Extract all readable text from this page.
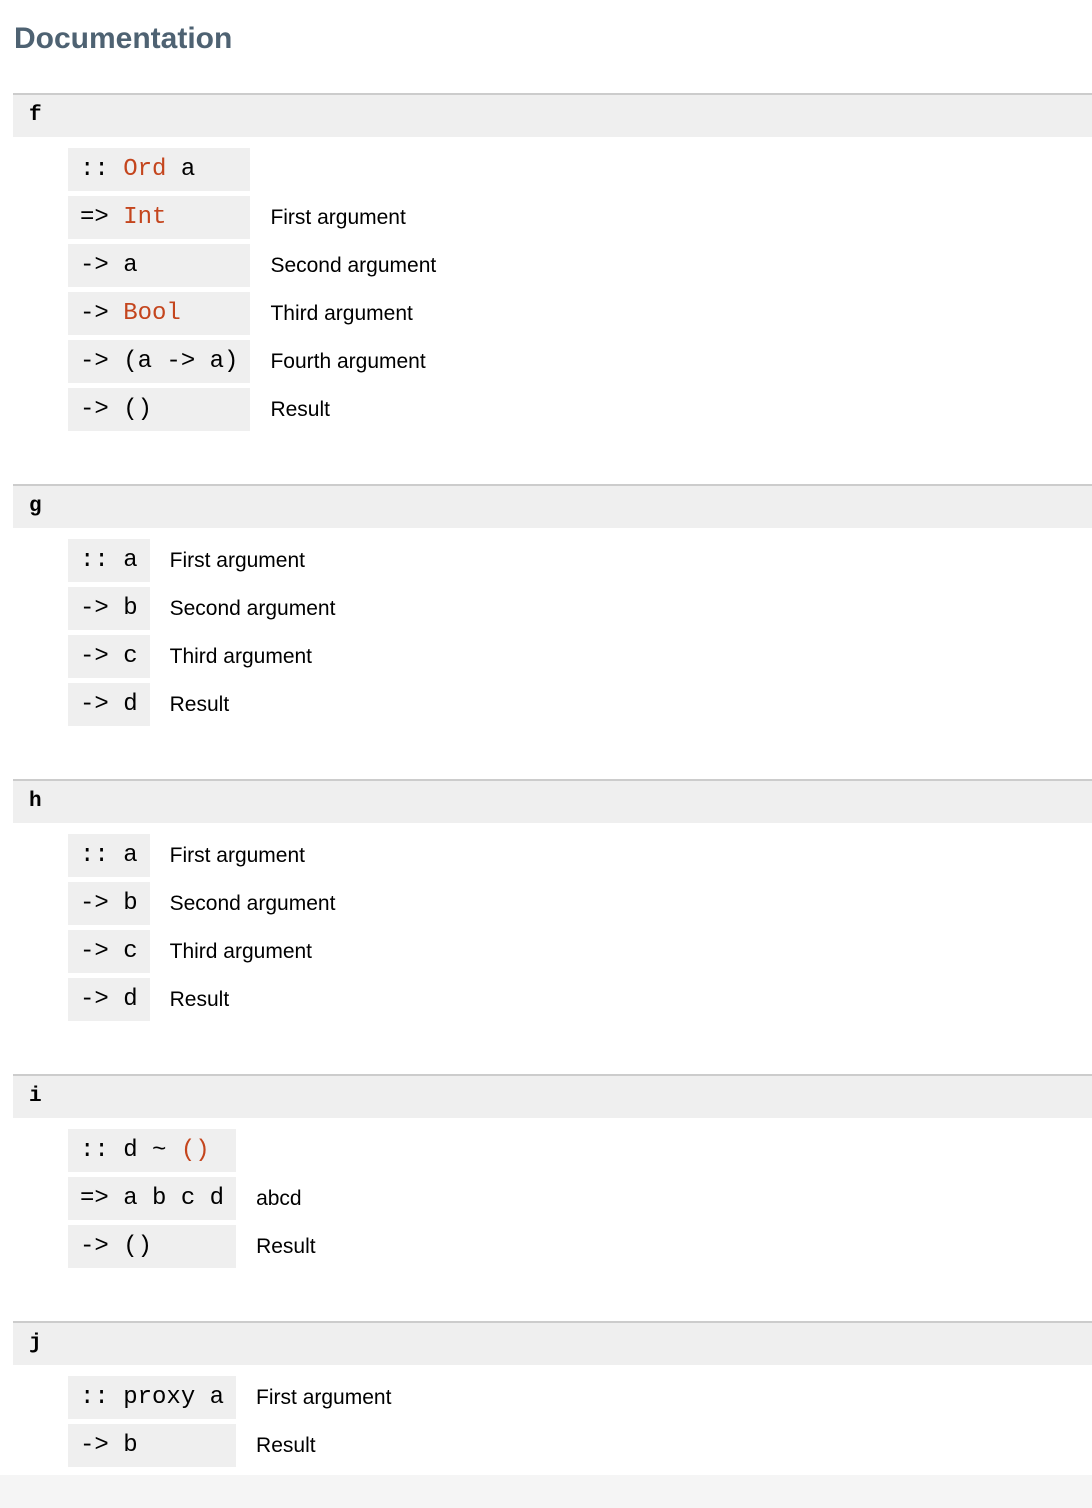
Documentation

f

:: Ord a	
=> Int	First argument
-> a	Second argument
-> Bool	Third argument
-> (a -> a)	Fourth argument
-> ()	Result

g

:: a	First argument
-> b	Second argument
-> c	Third argument
-> d	Result

h

:: a	First argument
-> b	Second argument
-> c	Third argument
-> d	Result

i

:: d ~ ()	
=> a b c d	abcd
-> ()	Result

j

:: proxy a	First argument
-> b	Result
